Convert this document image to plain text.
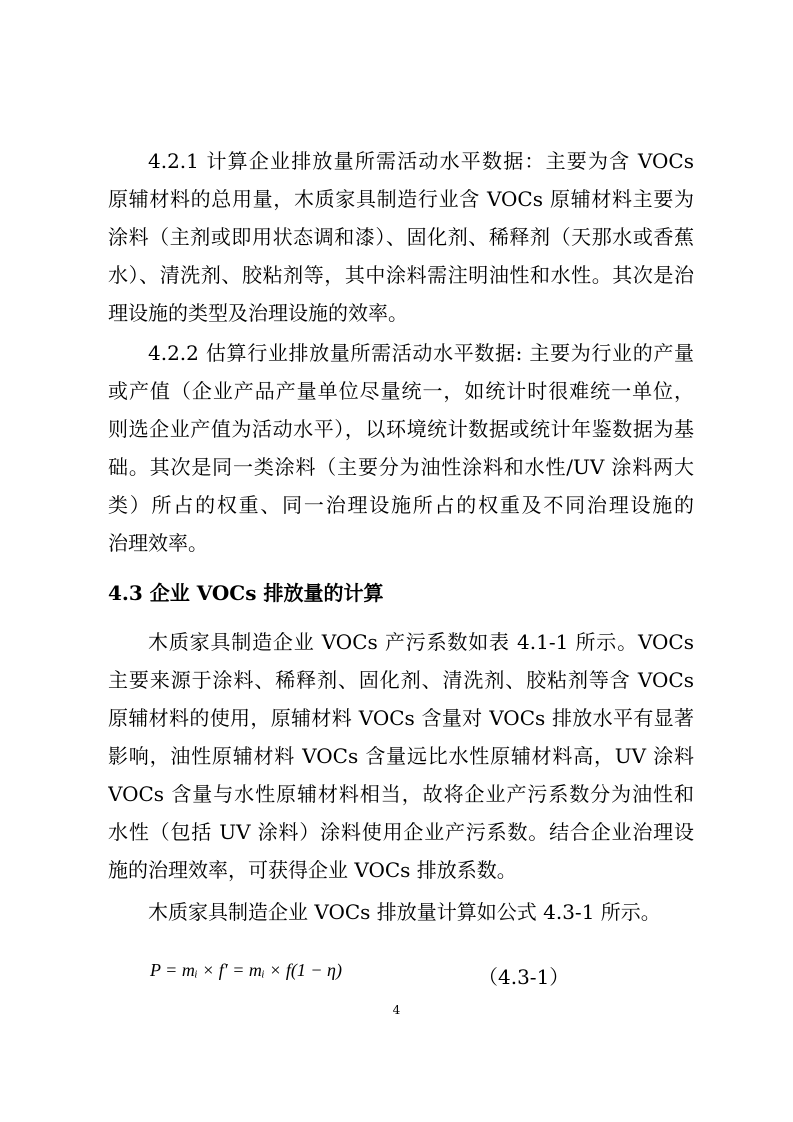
4.2.1 计算企业排放量所需活动水平数据：主要为含 VOCs
原辅材料的总用量，木质家具制造行业含 VOCs 原辅材料主要为
涂料（主剂或即用状态调和漆）、固化剂、稀释剂（天那水或香蕉
水）、清洗剂、胶粘剂等，其中涂料需注明油性和水性。其次是治
理设施的类型及治理设施的效率。
4.2.2 估算行业排放量所需活动水平数据: 主要为行业的产量
或产值（企业产品产量单位尽量统一，如统计时很难统一单位，
则选企业产值为活动水平），以环境统计数据或统计年鉴数据为基
础。其次是同一类涂料（主要分为油性涂料和水性/UV 涂料两大
类）所占的权重、同一治理设施所占的权重及不同治理设施的
治理效率。
4.3 企业 VOCs 排放量的计算
木质家具制造企业 VOCs 产污系数如表 4.1-1 所示。VOCs
主要来源于涂料、稀释剂、固化剂、清洗剂、胶粘剂等含 VOCs
原辅材料的使用，原辅材料 VOCs 含量对 VOCs 排放水平有显著
影响，油性原辅材料 VOCs 含量远比水性原辅材料高，UV 涂料
VOCs 含量与水性原辅材料相当，故将企业产污系数分为油性和
水性（包括 UV 涂料）涂料使用企业产污系数。结合企业治理设
施的治理效率，可获得企业 VOCs 排放系数。
木质家具制造企业 VOCs 排放量计算如公式 4.3-1 所示。
P = mᵢ × f′ = mᵢ × f(1 − η)	（4.3-1）
4
